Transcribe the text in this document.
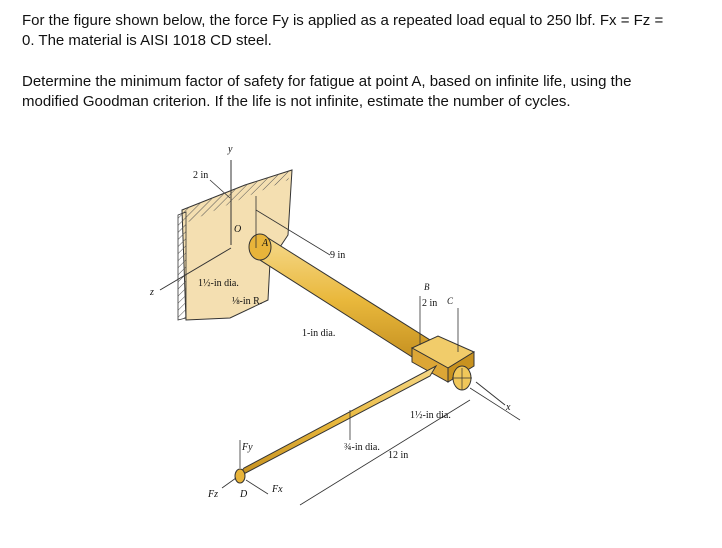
For the figure shown below, the force Fy is applied as a repeated load equal to 250 lbf. Fx = Fz =
0. The material is AISI 1018 CD steel.
Determine the minimum factor of safety for fatigue at point A, based on infinite life, using the
modified Goodman criterion. If the life is not infinite, estimate the number of cycles.
y
2 in
O
A
9 in
1½-in dia.
z
⅛-in R.
B
2 in C
1-in dia.
1½-in dia.
x
¾-in dia.
12 in
Fy
Fz D Fx
